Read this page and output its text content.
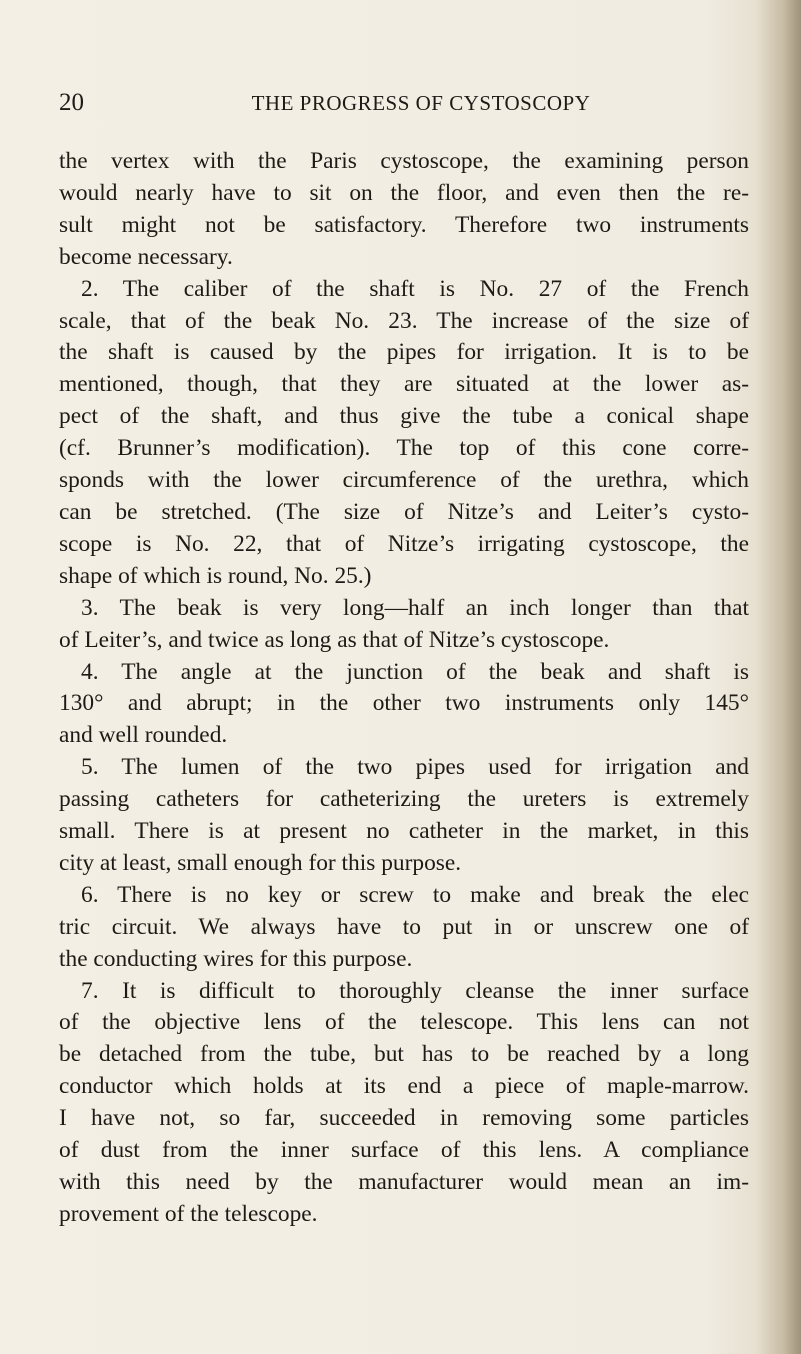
20	THE PROGRESS OF CYSTOSCOPY

the vertex with the Paris cystoscope, the examining person

would nearly have to sit on the floor, and even then the re-

sult might not be satisfactory. Therefore two instruments

become necessary.

2. The caliber of the shaft is No. 27 of the French

scale, that of the beak No. 23. The increase of the size of

the shaft is caused by the pipes for irrigation. It is to be

mentioned, though, that they are situated at the lower as-

pect of the shaft, and thus give the tube a conical shape

(cf. Brunner’s modification). The top of this cone corre-

sponds with the lower circumference of the urethra, which

can be stretched. (The size of Nitze’s and Leiter’s cysto-

scope is No. 22, that of Nitze’s irrigating cystoscope, the

shape of which is round, No. 25.)

3. The beak is very long—half an inch longer than that

of Leiter’s, and twice as long as that of Nitze’s cystoscope.

4. The angle at the junction of the beak and shaft is

130° and abrupt; in the other two instruments only 145°

and well rounded.

5. The lumen of the two pipes used for irrigation and

passing catheters for catheterizing the ureters is extremely

small. There is at present no catheter in the market, in this

city at least, small enough for this purpose.

6. There is no key or screw to make and break the elec

tric circuit. We always have to put in or unscrew one of

the conducting wires for this purpose.

7. It is difficult to thoroughly cleanse the inner surface

of the objective lens of the telescope. This lens can not

be detached from the tube, but has to be reached by a long

conductor which holds at its end a piece of maple-marrow.

I have not, so far, succeeded in removing some particles

of dust from the inner surface of this lens. A compliance

with this need by the manufacturer would mean an im-

provement of the telescope.
